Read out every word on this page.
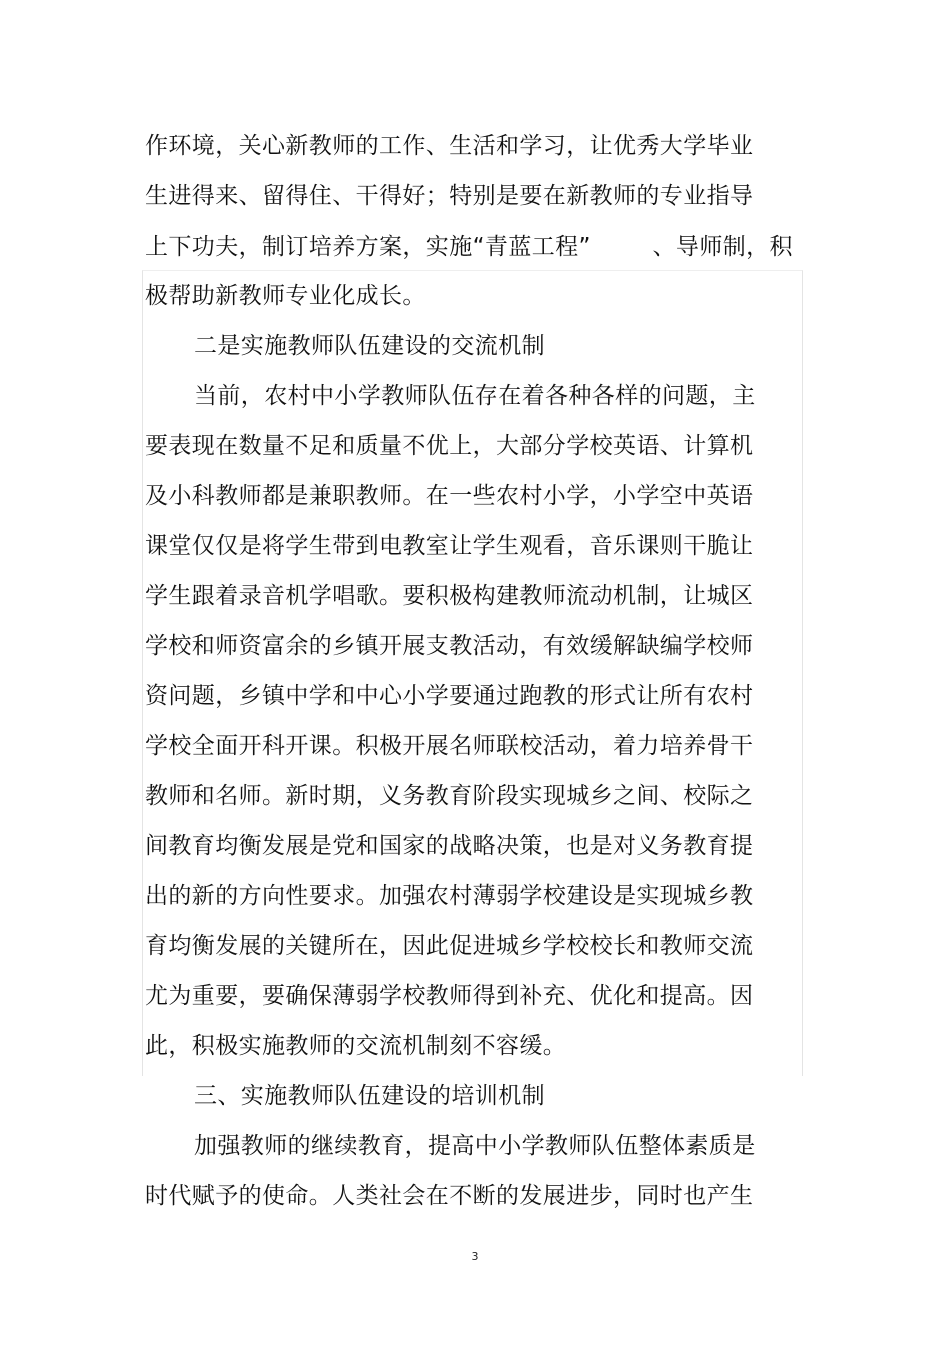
作环境，关心新教师的工作、生活和学习，让优秀大学毕业
生进得来、留得住、干得好；特别是要在新教师的专业指导
上下功夫，制订培养方案，实施“青蓝工程”        、导师制，积
极帮助新教师专业化成长。
二是实施教师队伍建设的交流机制
当前，农村中小学教师队伍存在着各种各样的问题，主
要表现在数量不足和质量不优上，大部分学校英语、计算机
及小科教师都是兼职教师。在一些农村小学，小学空中英语
课堂仅仅是将学生带到电教室让学生观看，音乐课则干脆让
学生跟着录音机学唱歌。要积极构建教师流动机制，让城区
学校和师资富余的乡镇开展支教活动，有效缓解缺编学校师
资问题，乡镇中学和中心小学要通过跑教的形式让所有农村
学校全面开科开课。积极开展名师联校活动，着力培养骨干
教师和名师。新时期，义务教育阶段实现城乡之间、校际之
间教育均衡发展是党和国家的战略决策，也是对义务教育提
出的新的方向性要求。加强农村薄弱学校建设是实现城乡教
育均衡发展的关键所在，因此促进城乡学校校长和教师交流
尤为重要，要确保薄弱学校教师得到补充、优化和提高。因
此，积极实施教师的交流机制刻不容缓。
三、实施教师队伍建设的培训机制
加强教师的继续教育，提高中小学教师队伍整体素质是
时代赋予的使命。人类社会在不断的发展进步，同时也产生
3
